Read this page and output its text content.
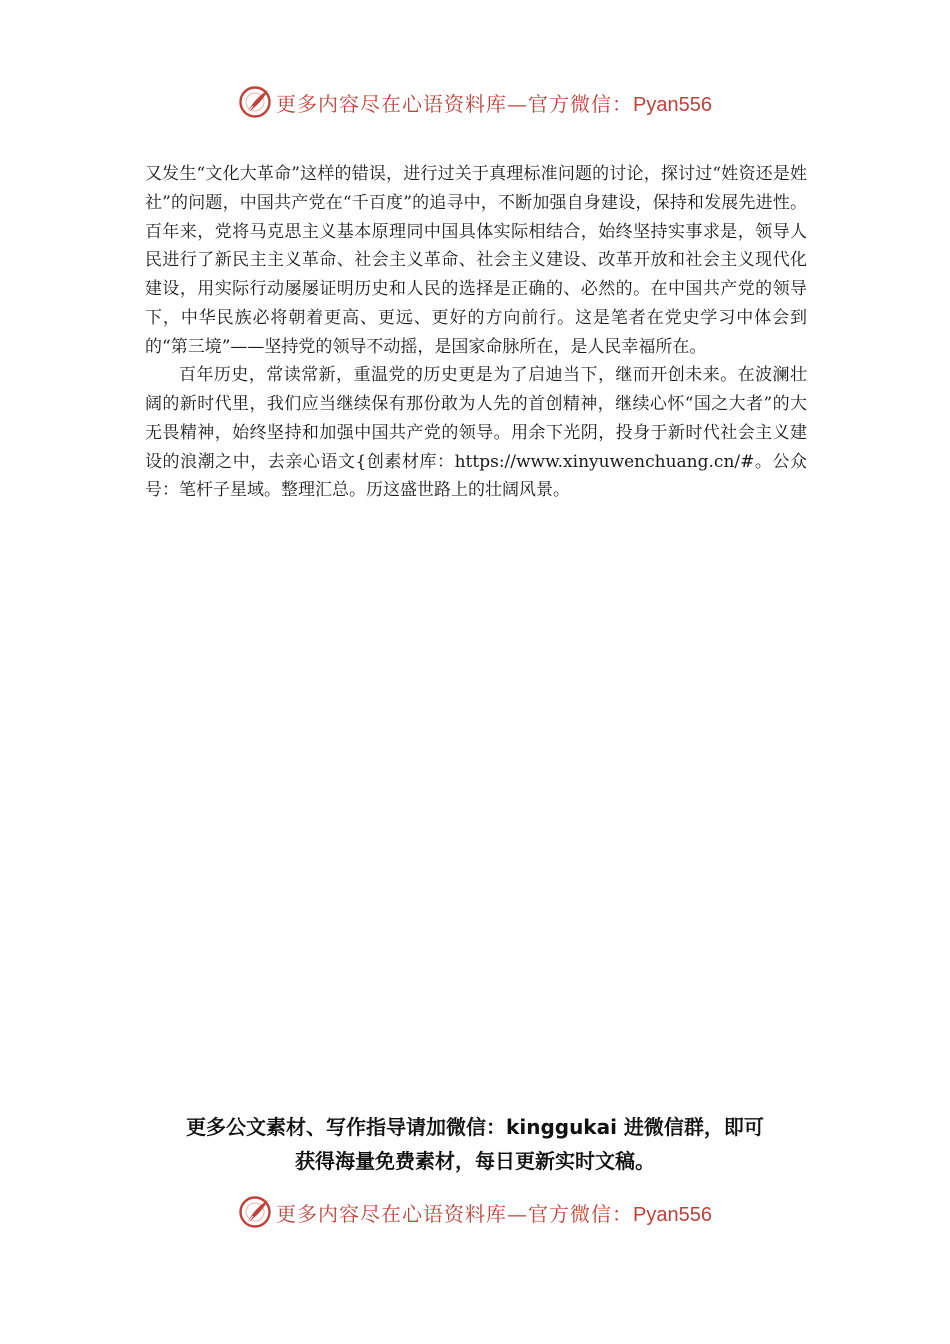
更多内容尽在心语资料库—官方微信：Pyan556

又发生“文化大革命”这样的错误，进行过关于真理标准问题的讨论，探讨过“姓资还是姓社”的问题，中国共产党在“千百度”的追寻中，不断加强自身建设，保持和发展先进性。百年来，党将马克思主义基本原理同中国具体实际相结合，始终坚持实事求是，领导人民进行了新民主主义革命、社会主义革命、社会主义建设、改革开放和社会主义现代化建设，用实际行动屡屡证明历史和人民的选择是正确的、必然的。在中国共产党的领导下，中华民族必将朝着更高、更远、更好的方向前行。这是笔者在党史学习中体会到的“第三境”——坚持党的领导不动摇，是国家命脉所在，是人民幸福所在。

百年历史，常读常新，重温党的历史更是为了启迪当下，继而开创未来。在波澜壮阔的新时代里，我们应当继续保有那份敢为人先的首创精神，继续心怀“国之大者”的大无畏精神，始终坚持和加强中国共产党的领导。用余下光阴，投身于新时代社会主义建设的浪潮之中，去亲心语文{创素材库：https://www.xinyuwenchuang.cn/#。公众号：笔杆子星域。整理汇总。历这盛世路上的壮阔风景。

更多公文素材、写作指导请加微信：kinggukai 进微信群，即可
获得海量免费素材，每日更新实时文稿。
更多内容尽在心语资料库—官方微信：Pyan556
